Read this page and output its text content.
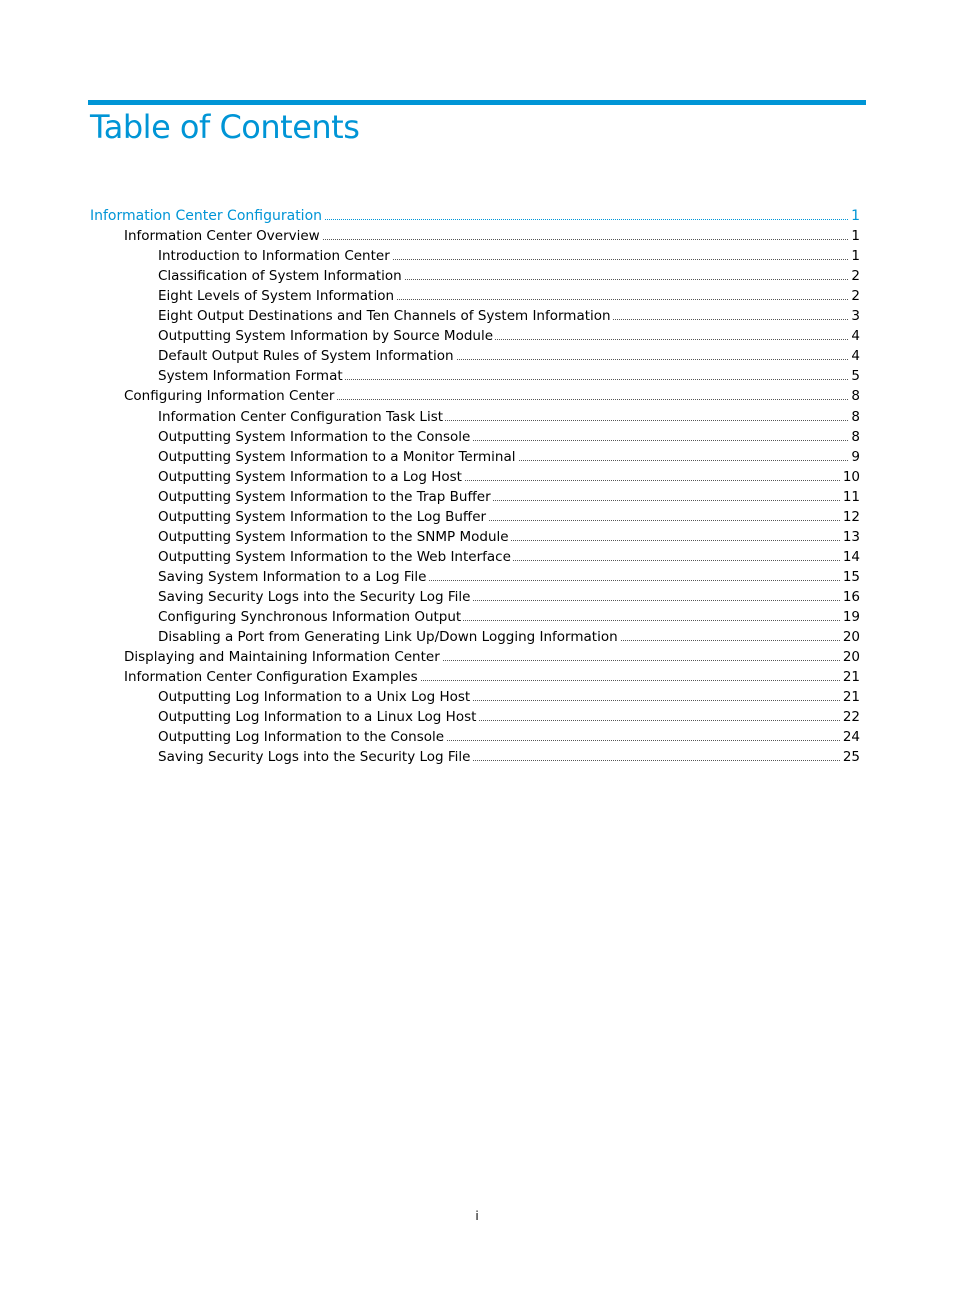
Table of Contents
Information Center Configuration	1
Information Center Overview	1
Introduction to Information Center	1
Classification of System Information	2
Eight Levels of System Information	2
Eight Output Destinations and Ten Channels of System Information	3
Outputting System Information by Source Module	4
Default Output Rules of System Information	4
System Information Format	5
Configuring Information Center	8
Information Center Configuration Task List	8
Outputting System Information to the Console	8
Outputting System Information to a Monitor Terminal	9
Outputting System Information to a Log Host	10
Outputting System Information to the Trap Buffer	11
Outputting System Information to the Log Buffer	12
Outputting System Information to the SNMP Module	13
Outputting System Information to the Web Interface	14
Saving System Information to a Log File	15
Saving Security Logs into the Security Log File	16
Configuring Synchronous Information Output	19
Disabling a Port from Generating Link Up/Down Logging Information	20
Displaying and Maintaining Information Center	20
Information Center Configuration Examples	21
Outputting Log Information to a Unix Log Host	21
Outputting Log Information to a Linux Log Host	22
Outputting Log Information to the Console	24
Saving Security Logs into the Security Log File	25
i
